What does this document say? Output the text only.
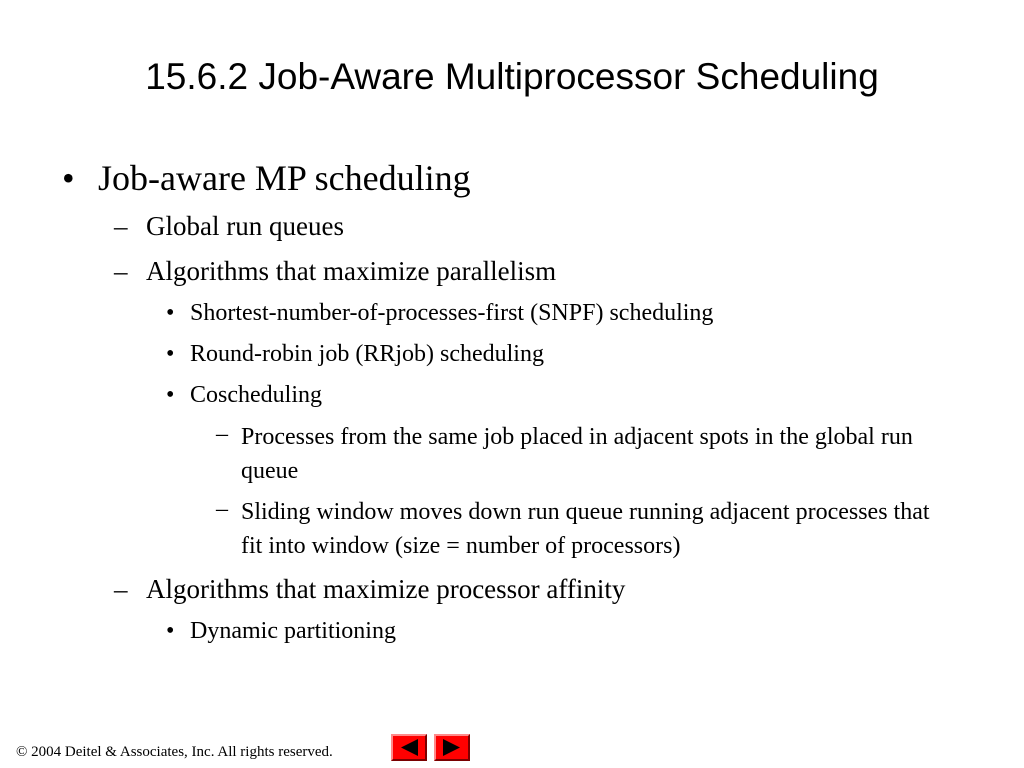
15.6.2 Job-Aware Multiprocessor Scheduling
• Job-aware MP scheduling
– Global run queues
– Algorithms that maximize parallelism
• Shortest-number-of-processes-first (SNPF) scheduling
• Round-robin job (RRjob) scheduling
• Coscheduling
– Processes from the same job placed in adjacent spots in the global run queue
– Sliding window moves down run queue running adjacent processes that fit into window (size = number of processors)
– Algorithms that maximize processor affinity
• Dynamic partitioning
© 2004 Deitel & Associates, Inc. All rights reserved.
